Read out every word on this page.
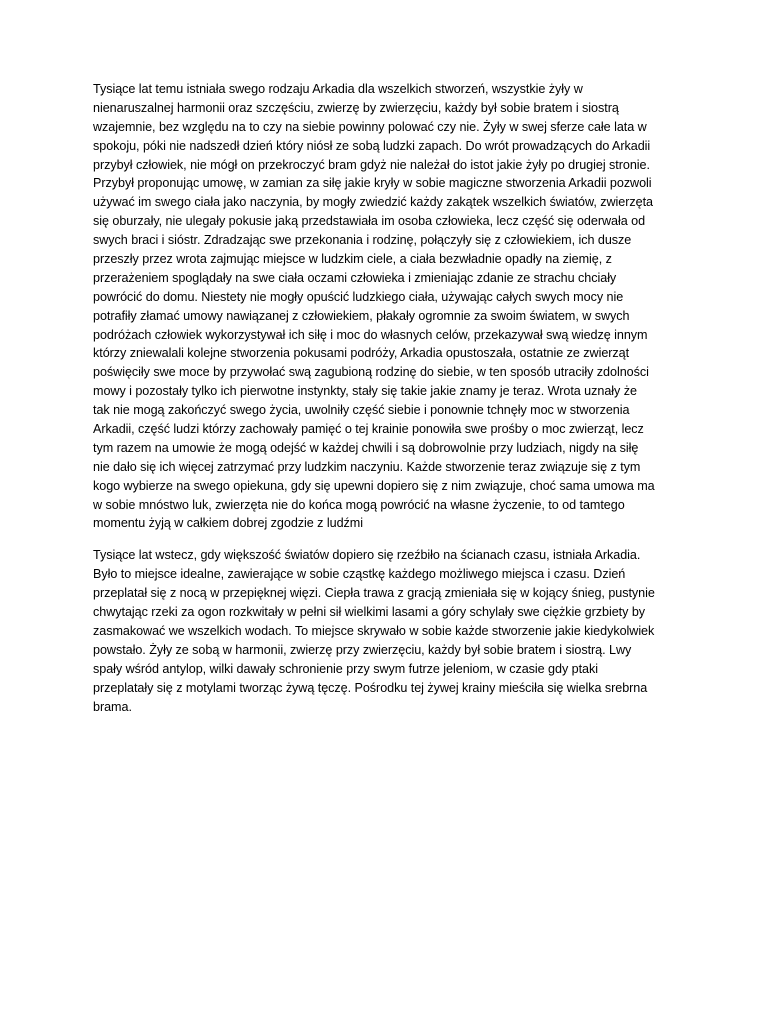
Tysiące lat temu istniała swego rodzaju Arkadia dla wszelkich stworzeń, wszystkie żyły w
nienaruszalnej harmonii oraz szczęściu, zwierzę by zwierzęciu, każdy był sobie bratem i siostrą
wzajemnie, bez względu na to czy na siebie powinny polować czy nie. Żyły w swej sferze całe lata w
spokoju, póki nie nadszedł dzień który niósł ze sobą ludzki zapach. Do wrót prowadzących do Arkadii
przybył człowiek, nie mógł on przekroczyć bram gdyż nie należał do istot jakie żyły po drugiej stronie.
Przybył proponując umowę, w zamian za siłę jakie kryły w sobie magiczne stworzenia Arkadii pozwoli
używać im swego ciała jako naczynia, by mogły zwiedzić każdy zakątek wszelkich światów, zwierzęta
się oburzały, nie ulegały pokusie jaką przedstawiała im osoba człowieka, lecz część się oderwała od
swych braci i sióstr. Zdradzając swe przekonania i rodzinę, połączyły się z człowiekiem, ich dusze
przeszły przez wrota zajmując miejsce w ludzkim ciele, a ciała bezwładnie opadły na ziemię, z
przerażeniem spoglądały na swe ciała oczami człowieka i zmieniając zdanie ze strachu chciały
powrócić do domu. Niestety nie mogły opuścić ludzkiego ciała, używając całych swych mocy nie
potrafiły złamać umowy nawiązanej z człowiekiem, płakały ogromnie za swoim światem, w swych
podróżach człowiek wykorzystywał ich siłę i moc do własnych celów, przekazywał swą wiedzę innym
którzy zniewalali kolejne stworzenia pokusami podróży, Arkadia opustoszała, ostatnie ze zwierząt
poświęciły swe moce by przywołać swą zagubioną rodzinę do siebie, w ten sposób utraciły zdolności
mowy i pozostały tylko ich pierwotne instynkty, stały się takie jakie znamy je teraz. Wrota uznały że
tak nie mogą zakończyć swego życia, uwolniły część siebie i ponownie tchnęły moc w stworzenia
Arkadii, część ludzi którzy zachowały pamięć o tej krainie ponowiła swe prośby o moc zwierząt, lecz
tym razem na umowie że mogą odejść w każdej chwili i są dobrowolnie przy ludziach, nigdy na siłę
nie dało się ich więcej zatrzymać przy ludzkim naczyniu. Każde stworzenie teraz związuje się z tym
kogo wybierze na swego opiekuna, gdy się upewni dopiero się z nim związuje, choć sama umowa ma
w sobie mnóstwo luk, zwierzęta nie do końca mogą powrócić na własne życzenie, to od tamtego
momentu żyją w całkiem dobrej zgodzie z ludźmi

Tysiące lat wstecz, gdy większość światów dopiero się rzeźbiło na ścianach czasu, istniała Arkadia.
Było to miejsce idealne, zawierające w sobie cząstkę każdego możliwego miejsca i czasu. Dzień
przeplatał się z nocą w przepięknej więzi. Ciepła trawa z gracją zmieniała się w kojący śnieg, pustynie
chwytając rzeki za ogon rozkwitały w pełni sił wielkimi lasami a góry schylały swe ciężkie grzbiety by
zasmakować we wszelkich wodach. To miejsce skrywało w sobie każde stworzenie jakie kiedykolwiek
powstało. Żyły ze sobą w harmonii, zwierzę przy zwierzęciu, każdy był sobie bratem i siostrą. Lwy
spały wśród antylop, wilki dawały schronienie przy swym futrze jeleniom, w czasie gdy ptaki
przeplatały się z motylami tworząc żywą tęczę. Pośrodku tej żywej krainy mieściła się wielka srebrna
brama.
